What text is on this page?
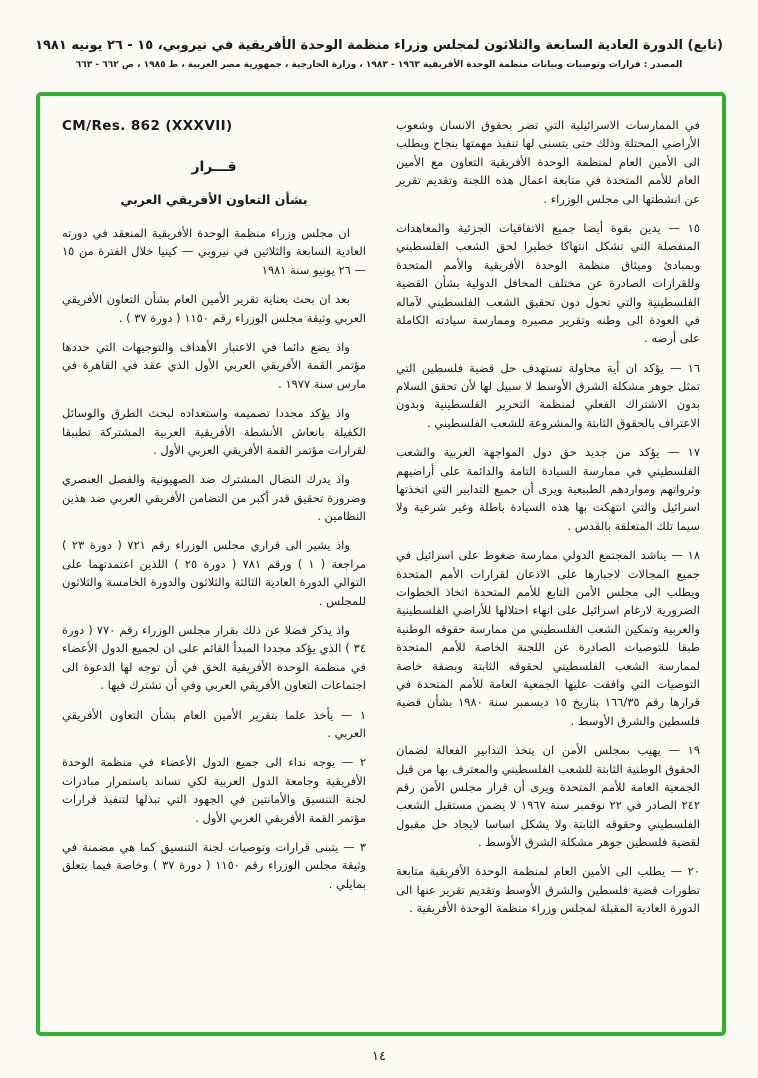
(تابع) الدورة العادية السابعة والثلاثون لمجلس وزراء منظمة الوحدة الأفريقية في نيروبي، ١٥ - ٢٦ يونيه ١٩٨١
المصدر : قرارات وتوصيات وبيانات منظمة الوحدة الأفريقية ١٩٦٣ - ١٩٨٣ ، وزارة الخارجية ، جمهورية مصر العربية ، ط ١٩٨٥ ، ص ٦٦٢ - ٦٦٣

في الممارسات الاسرائيلية التي تضر بحقوق الانسان وشعوب الأراضي المحتلة وذلك حتى يتسنى لها تنفيذ مهمتها بنجاح ويطلب الى الأمين العام لمنظمة الوحدة الأفريقية التعاون مع الأمين العام للأمم المتحدة في متابعة اعمال هذه اللجنة وتقديم تقرير عن انشطتها الى مجلس الوزراء .

١٥ — يدين بقوة أيضا جميع الاتفاقيات الجزئية والمعاهدات المنفصلة التي تشكل انتهاكا خطيرا لحق الشعب الفلسطيني وبمبادئ وميثاق منظمة الوحدة الأفريقية والأمم المتحدة وللقرارات الصادرة عن مختلف المحافل الدولية بشأن القضية الفلسطينية والتي تحول دون تحقيق الشعب الفلسطيني لآماله في العودة الى وطنه وتقرير مصيره وممارسة سيادته الكاملة على أرضه .

١٦ — يؤكد ان أية محاولة تستهدف حل قضية فلسطين التي تمثل جوهر مشكلة الشرق الأوسط لا سبيل لها لأن تحقق السلام بدون الاشتراك الفعلي لمنظمة التحرير الفلسطينية وبدون الاعتراف بالحقوق الثابتة والمشروعة للشعب الفلسطيني .

١٧ — يؤكد من جديد حق دول المواجهة العربية والشعب الفلسطيني في ممارسة السيادة التامة والدائمة على أراضيهم وثرواتهم ومواردهم الطبيعية ويرى أن جميع التدابير التي اتخذتها اسرائيل والتي انتهكت بها هذه السيادة باطلة وغير شرعية ولا سيما تلك المتعلقة بالقدس .

١٨ — يناشد المجتمع الدولي ممارسة ضغوط على اسرائيل في جميع المجالات لاجبارها على الاذعان لقرارات الأمم المتحدة ويطلب الى مجلس الأمن التابع للأمم المتحدة اتخاذ الخطوات الضرورية لارغام اسرائيل على انهاء احتلالها للأراضي الفلسطينية والعربية وتمكين الشعب الفلسطيني من ممارسة حقوقه الوطنية طبقا للتوصيات الصادرة عن اللجنة الخاصة للأمم المتحدة لممارسة الشعب الفلسطيني لحقوقه الثابتة وبصفة خاصة التوصيات التي وافقت عليها الجمعية العامة للأمم المتحدة في قرارها رقم ١٦٦/٣٥ بتاريخ ١٥ ديسمبر سنة ١٩٨٠ بشأن قضية فلسطين والشرق الأوسط .

١٩ — يهيب بمجلس الأمن ان يتخذ التدابير الفعالة لضمان الحقوق الوطنية الثابتة للشعب الفلسطيني والمعترف بها من قبل الجمعية العامة للأمم المتحدة ويرى أن قرار مجلس الأمن رقم ٢٤٢ الصادر في ٢٢ نوفمبر سنة ١٩٦٧ لا يضمن مستقبل الشعب الفلسطيني وحقوقه الثابتة ولا يشكل اساسا لايجاد حل مقبول لقضية فلسطين جوهر مشكلة الشرق الأوسط .

٢٠ — يطلب الى الأمين العام لمنظمة الوحدة الأفريقية متابعة تطورات قضية فلسطين والشرق الأوسط وتقديم تقرير عنها الى الدورة العادية المقبلة لمجلس وزراء منظمة الوحدة الأفريقية .

CM/Res. 862 (XXXVII)
قـــرار
بشأن التعاون الأفريقي العربي

ان مجلس وزراء منظمة الوحدة الأفريقية المنعقد في دورته العادية السابعة والثلاثين في نيروبي — كينيا خلال الفترة من ١٥ — ٢٦ يونيو سنة ١٩٨١

بعد ان بحث بعناية تقرير الأمين العام بشأن التعاون الأفريقي العربي وثيقة مجلس الوزراء رقم ١١٥٠ ( دورة ٣٧ ) .

واذ يضع دائما في الاعتبار الأهداف والتوجيهات التي حددها مؤتمر القمة الأفريقي العربي الأول الذي عقد في القاهرة في مارس سنة ١٩٧٧ .

واذ يؤكد مجددا تصميمه واستعداده لبحث الطرق والوسائل الكفيلة بانعاش الأنشطة الأفريقية العربية المشتركة تطبيقا لقرارات مؤتمر القمة الأفريقي العربي الأول .

واذ يدرك النضال المشترك ضد الصهيونية والفصل العنصري وضرورة تحقيق قدر أكبر من التضامن الأفريقي العربي ضد هذين النظامين .

واذ يشير الى قراري مجلس الوزراء رقم ٧٢١ ( دورة ٢٣ ) مراجعة ( ١ ) ورقم ٧٨١ ( دورة ٢٥ ) اللذين اعتمدتهما على التوالي الدورة العادية الثالثة والثلاثون والدورة الخامسة والثلاثون للمجلس .

واذ يذكر فضلا عن ذلك بقرار مجلس الوزراء رقم ٧٧٠ ( دورة ٣٤ ) الذي يؤكد مجددا المبدأ القائم على ان لجميع الدول الأعضاء في منظمة الوحدة الأفريقية الحق في أن توجه لها الدعوة الى اجتماعات التعاون الأفريقي العربي وفي أن تشترك فيها .

١ — يأخذ علما بتقرير الأمين العام بشأن التعاون الأفريقي العربي .

٢ — يوجه نداء الى جميع الدول الأعضاء في منظمة الوحدة الأفريقية وجامعة الدول العربية لكي تساند باستمرار مبادرات لجنة التنسيق والأمانتين في الجهود التي تبذلها لتنفيذ قرارات مؤتمر القمة الأفريقي العربي الأول .

٣ — يتبنى قرارات وتوصيات لجنة التنسيق كما هي مضمنة في وثيقة مجلس الوزراء رقم ١١٥٠ ( دورة ٣٧ ) وخاصة فيما يتعلق بمايلي .

١٤
